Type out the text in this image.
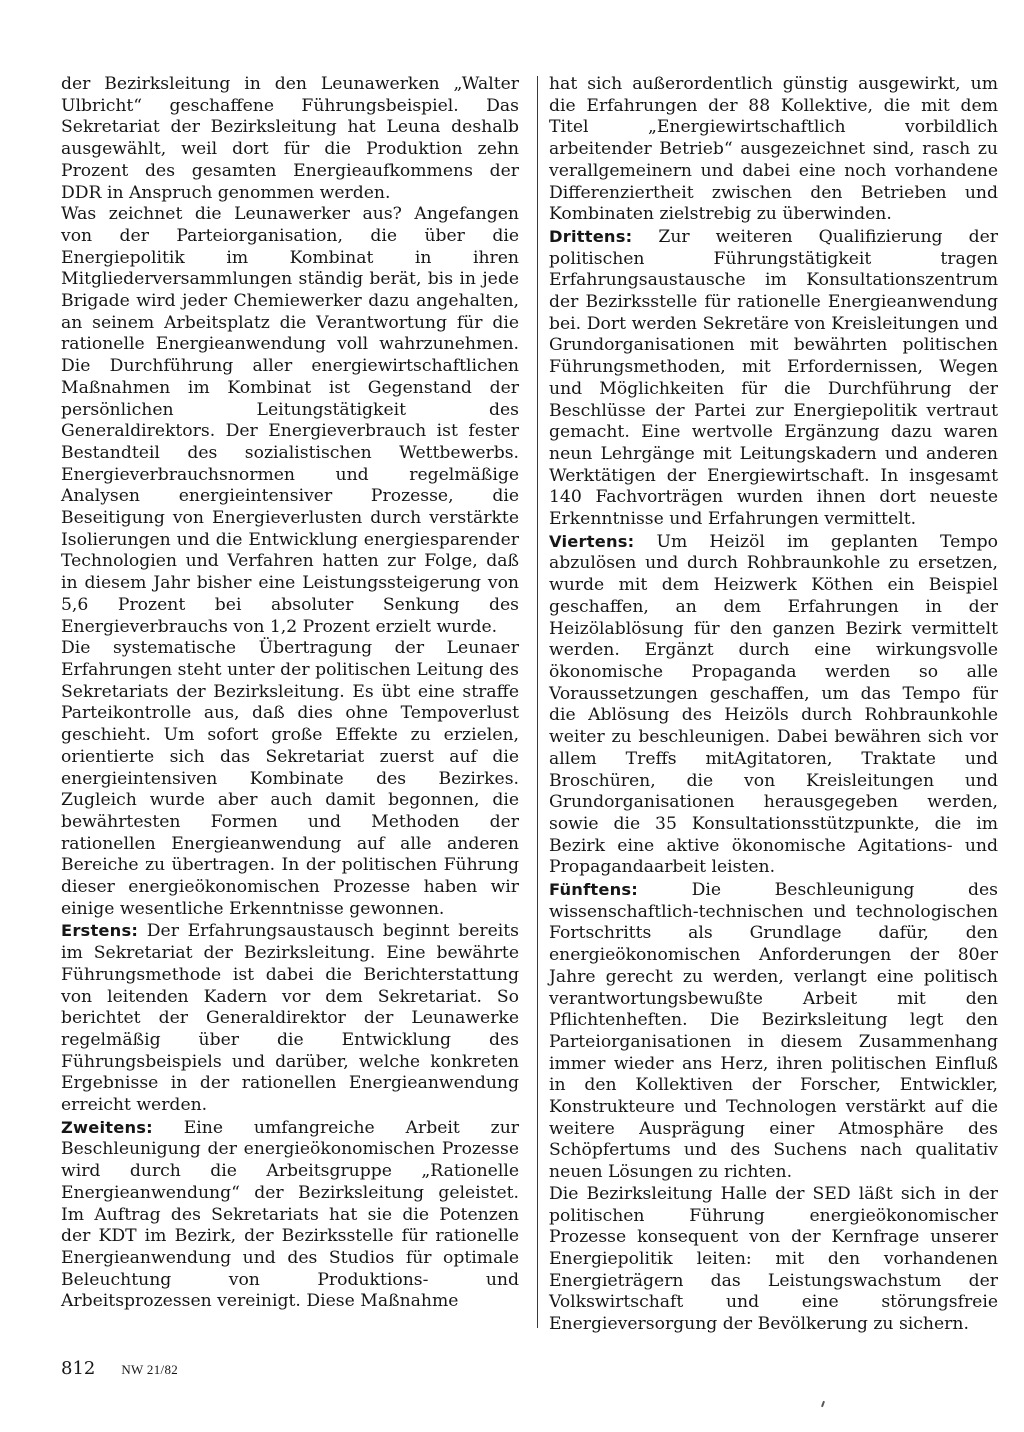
der Bezirksleitung in den Leunawerken „Walter Ulbricht“ geschaffene Führungsbeispiel. Das Sekretariat der Bezirksleitung hat Leuna deshalb ausgewählt, weil dort für die Produktion zehn Prozent des gesamten Energieaufkommens der DDR in Anspruch genommen werden.

Was zeichnet die Leunawerker aus? Angefangen von der Parteiorganisation, die über die Energiepolitik im Kombinat in ihren Mitgliederversammlungen ständig berät, bis in jede Brigade wird jeder Chemiewerker dazu angehalten, an seinem Arbeitsplatz die Verantwortung für die rationelle Energieanwendung voll wahrzunehmen. Die Durchführung aller energiewirtschaftlichen Maßnahmen im Kombinat ist Gegenstand der persönlichen Leitungstätigkeit des Generaldirektors. Der Energieverbrauch ist fester Bestandteil des sozialistischen Wettbewerbs. Energieverbrauchsnormen und regelmäßige Analysen energieintensiver Prozesse, die Beseitigung von Energieverlusten durch verstärkte Isolierungen und die Entwicklung energiesparender Technologien und Verfahren hatten zur Folge, daß in diesem Jahr bisher eine Leistungssteigerung von 5,6 Prozent bei absoluter Senkung des Energieverbrauchs von 1,2 Prozent erzielt wurde.

Die systematische Übertragung der Leunaer Erfahrungen steht unter der politischen Leitung des Sekretariats der Bezirksleitung. Es übt eine straffe Parteikontrolle aus, daß dies ohne Tempoverlust geschieht. Um sofort große Effekte zu erzielen, orientierte sich das Sekretariat zuerst auf die energieintensiven Kombinate des Bezirkes. Zugleich wurde aber auch damit begonnen, die bewährtesten Formen und Methoden der rationellen Energieanwendung auf alle anderen Bereiche zu übertragen. In der politischen Führung dieser energieökonomischen Prozesse haben wir einige wesentliche Erkenntnisse gewonnen.

Erstens: Der Erfahrungsaustausch beginnt bereits im Sekretariat der Bezirksleitung. Eine bewährte Führungsmethode ist dabei die Berichterstattung von leitenden Kadern vor dem Sekretariat. So berichtet der Generaldirektor der Leunawerke regelmäßig über die Entwicklung des Führungsbeispiels und darüber, welche konkreten Ergebnisse in der rationellen Energieanwendung erreicht werden.

Zweitens: Eine umfangreiche Arbeit zur Beschleunigung der energieökonomischen Prozesse wird durch die Arbeitsgruppe „Rationelle Energieanwendung“ der Bezirksleitung geleistet. Im Auftrag des Sekretariats hat sie die Potenzen der KDT im Bezirk, der Bezirksstelle für rationelle Energieanwendung und des Studios für optimale Beleuchtung von Produktions- und Arbeitsprozessen vereinigt. Diese Maßnahme

hat sich außerordentlich günstig ausgewirkt, um die Erfahrungen der 88 Kollektive, die mit dem Titel „Energiewirtschaftlich vorbildlich arbeitender Betrieb“ ausgezeichnet sind, rasch zu verallgemeinern und dabei eine noch vorhandene Differenziertheit zwischen den Betrieben und Kombinaten zielstrebig zu überwinden.

Drittens: Zur weiteren Qualifizierung der politischen Führungstätigkeit tragen Erfahrungsaustausche im Konsultationszentrum der Bezirksstelle für rationelle Energieanwendung bei. Dort werden Sekretäre von Kreisleitungen und Grundorganisationen mit bewährten politischen Führungsmethoden, mit Erfordernissen, Wegen und Möglichkeiten für die Durchführung der Beschlüsse der Partei zur Energiepolitik vertraut gemacht. Eine wertvolle Ergänzung dazu waren neun Lehrgänge mit Leitungskadern und anderen Werktätigen der Energiewirtschaft. In insgesamt 140 Fachvorträgen wurden ihnen dort neueste Erkenntnisse und Erfahrungen vermittelt.

Viertens: Um Heizöl im geplanten Tempo abzulösen und durch Rohbraunkohle zu ersetzen, wurde mit dem Heizwerk Köthen ein Beispiel geschaffen, an dem Erfahrungen in der Heizölablösung für den ganzen Bezirk vermittelt werden. Ergänzt durch eine wirkungsvolle ökonomische Propaganda werden so alle Voraussetzungen geschaffen, um das Tempo für die Ablösung des Heizöls durch Rohbraunkohle weiter zu beschleunigen. Dabei bewähren sich vor allem Treffs mitAgitatoren, Traktate und Broschüren, die von Kreisleitungen und Grundorganisationen herausgegeben werden, sowie die 35 Konsultationsstützpunkte, die im Bezirk eine aktive ökonomische Agitations- und Propagandaarbeit leisten.

Fünftens: Die Beschleunigung des wissenschaftlich-technischen und technologischen Fortschritts als Grundlage dafür, den energieökonomischen Anforderungen der 80er Jahre gerecht zu werden, verlangt eine politisch verantwortungsbewußte Arbeit mit den Pflichtenheften. Die Bezirksleitung legt den Parteiorganisationen in diesem Zusammenhang immer wieder ans Herz, ihren politischen Einfluß in den Kollektiven der Forscher, Entwickler, Konstrukteure und Technologen verstärkt auf die weitere Ausprägung einer Atmosphäre des Schöpfertums und des Suchens nach qualitativ neuen Lösungen zu richten.

Die Bezirksleitung Halle der SED läßt sich in der politischen Führung energieökonomischer Prozesse konsequent von der Kernfrage unserer Energiepolitik leiten: mit den vorhandenen Energieträgern das Leistungswachstum der Volkswirtschaft und eine störungsfreie Energieversorgung der Bevölkerung zu sichern.

812 NW 21/82
